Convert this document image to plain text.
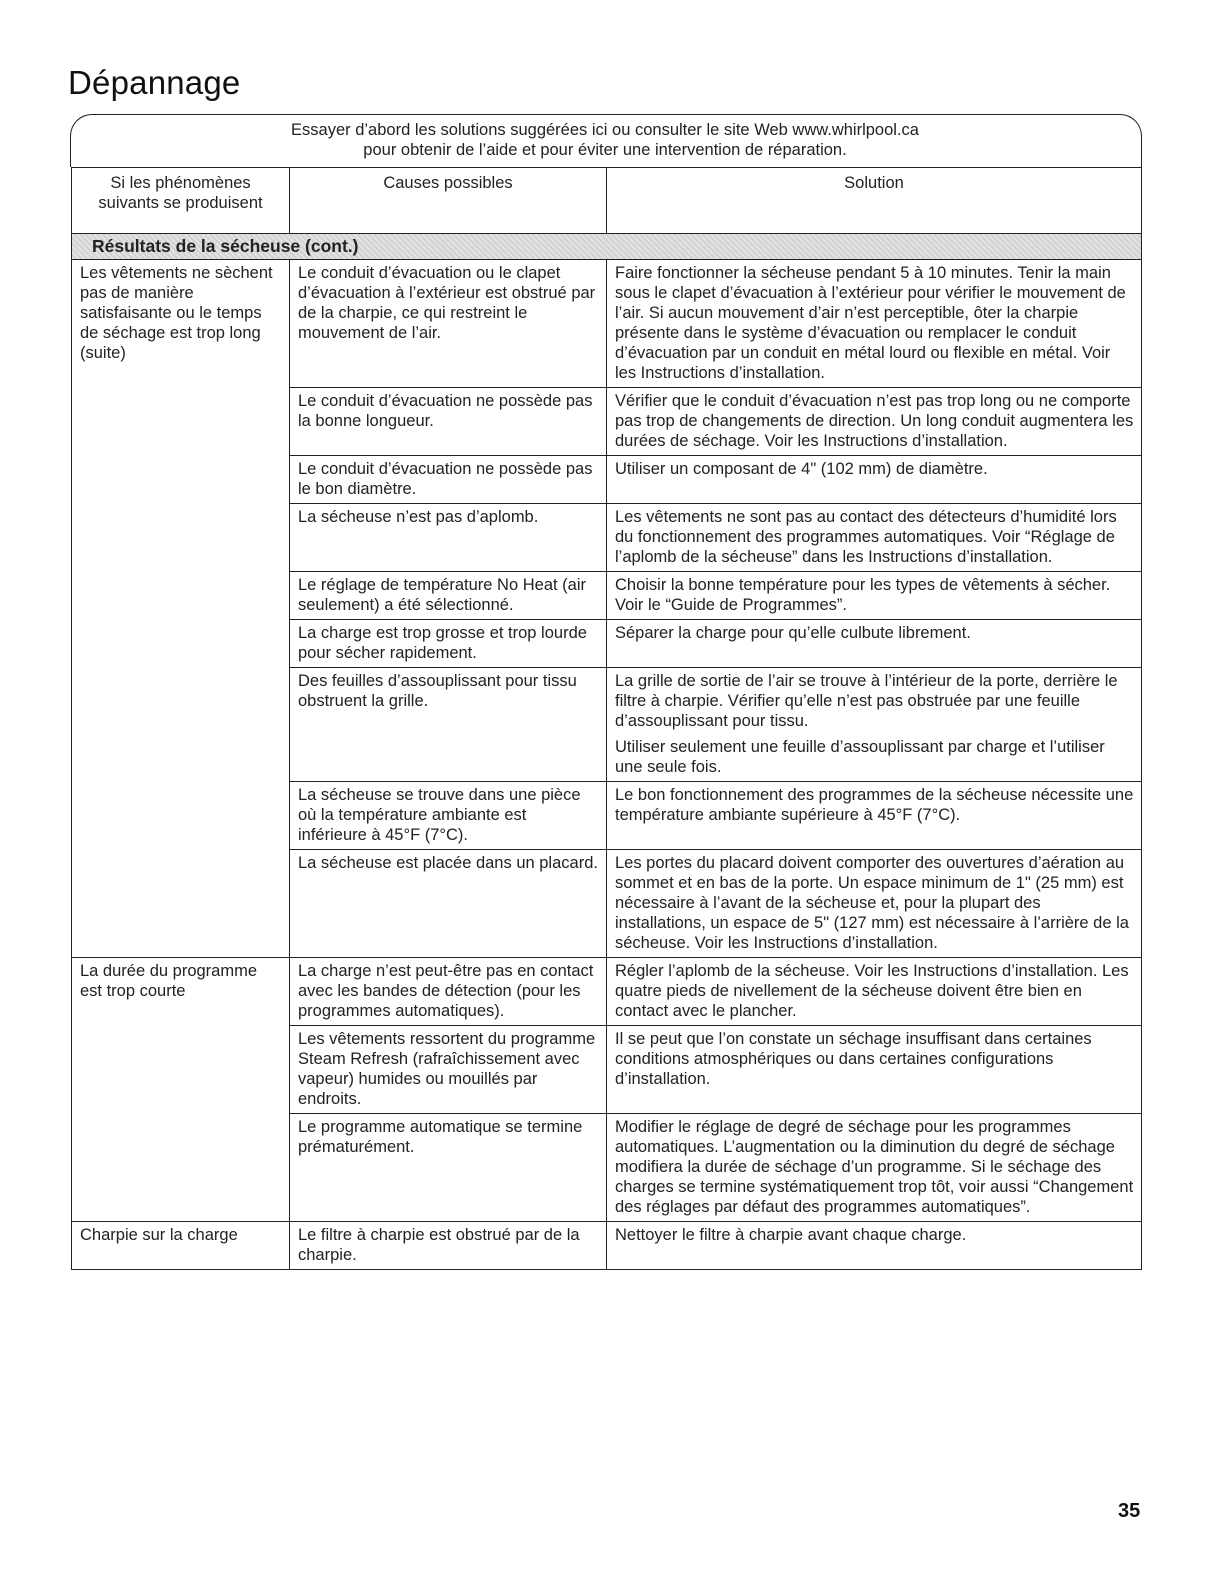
Dépannage
Essayer d’abord les solutions suggérées ici ou consulter le site Web www.whirlpool.ca
pour obtenir de l’aide et pour éviter une intervention de réparation.
Si les phénomènes suivants se produisent	Causes possibles	Solution
Résultats de la sécheuse (cont.)		
Les vêtements ne sèchent pas de manière satisfaisante ou le temps de séchage est trop long (suite)	Le conduit d’évacuation ou le clapet d’évacuation à l’extérieur est obstrué par de la charpie, ce qui restreint le mouvement de l’air.	Faire fonctionner la sécheuse pendant 5 à 10 minutes. Tenir la main sous le clapet d’évacuation à l’extérieur pour vérifier le mouvement de l’air. Si aucun mouvement d’air n’est perceptible, ôter la charpie présente dans le système d’évacuation ou remplacer le conduit d’évacuation par un conduit en métal lourd ou flexible en métal. Voir les Instructions d’installation.
	Le conduit d’évacuation ne possède pas la bonne longueur.	Vérifier que le conduit d’évacuation n’est pas trop long ou ne comporte pas trop de changements de direction. Un long conduit augmentera les durées de séchage. Voir les Instructions d’installation.
	Le conduit d’évacuation ne possède pas le bon diamètre.	Utiliser un composant de 4" (102 mm) de diamètre.
	La sécheuse n’est pas d’aplomb.	Les vêtements ne sont pas au contact des détecteurs d’humidité lors du fonctionnement des programmes automatiques. Voir “Réglage de l’aplomb de la sécheuse” dans les Instructions d’installation.
	Le réglage de température No Heat (air seulement) a été sélectionné.	Choisir la bonne température pour les types de vêtements à sécher. Voir le “Guide de Programmes”.
	La charge est trop grosse et trop lourde pour sécher rapidement.	Séparer la charge pour qu’elle culbute librement.
	Des feuilles d’assouplissant pour tissu obstruent la grille.	La grille de sortie de l’air se trouve à l’intérieur de la porte, derrière le filtre à charpie. Vérifier qu’elle n’est pas obstruée par une feuille d’assouplissant pour tissu.
Utiliser seulement une feuille d’assouplissant par charge et l’utiliser une seule fois.

	La sécheuse se trouve dans une pièce où la température ambiante est inférieure à 45°F (7°C).	Le bon fonctionnement des programmes de la sécheuse nécessite une température ambiante supérieure à 45°F (7°C).
	La sécheuse est placée dans un placard.	Les portes du placard doivent comporter des ouvertures d’aération au sommet et en bas de la porte. Un espace minimum de 1" (25 mm) est nécessaire à l’avant de la sécheuse et, pour la plupart des installations, un espace de 5" (127 mm) est nécessaire à l’arrière de la sécheuse. Voir les Instructions d’installation.
La durée du programme est trop courte	La charge n’est peut-être pas en contact avec les bandes de détection (pour les programmes automatiques).	Régler l’aplomb de la sécheuse. Voir les Instructions d’installation. Les quatre pieds de nivellement de la sécheuse doivent être bien en contact avec le plancher.
	Les vêtements ressortent du programme Steam Refresh (rafraîchissement avec vapeur) humides ou mouillés par endroits.	Il se peut que l’on constate un séchage insuffisant dans certaines conditions atmosphériques ou dans certaines configurations d’installation.
	Le programme automatique se termine prématurément.	Modifier le réglage de degré de séchage pour les programmes automatiques. L’augmentation ou la diminution du degré de séchage modifiera la durée de séchage d’un programme. Si le séchage des charges se termine systématiquement trop tôt, voir aussi “Changement des réglages par défaut des programmes automatiques”.
Charpie sur la charge	Le filtre à charpie est obstrué par de la charpie.	Nettoyer le filtre à charpie avant chaque charge.
35
